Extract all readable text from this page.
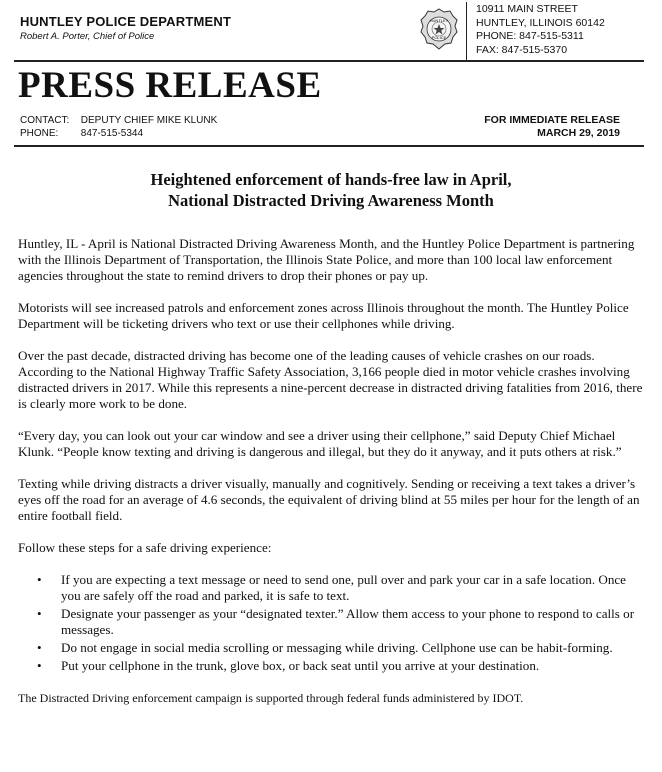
HUNTLEY POLICE DEPARTMENT
Robert A. Porter, Chief of Police
HUNTLEY
POLICE
10911 MAIN STREET
HUNTLEY, ILLINOIS 60142
PHONE: 847-515-5311
FAX: 847-515-5370
PRESS RELEASE
CONTACT: DEPUTY CHIEF MIKE KLUNK
PHONE: 847-515-5344
FOR IMMEDIATE RELEASE
MARCH 29, 2019
Heightened enforcement of hands-free law in April,
National Distracted Driving Awareness Month

Huntley, IL - April is National Distracted Driving Awareness Month, and the Huntley Police Department is partnering with the Illinois Department of Transportation, the Illinois State Police, and more than 100 local law enforcement agencies throughout the state to remind drivers to drop their phones or pay up.

Motorists will see increased patrols and enforcement zones across Illinois throughout the month. The Huntley Police Department will be ticketing drivers who text or use their cellphones while driving.

Over the past decade, distracted driving has become one of the leading causes of vehicle crashes on our roads. According to the National Highway Traffic Safety Association, 3,166 people died in motor vehicle crashes involving distracted drivers in 2017. While this represents a nine-percent decrease in distracted driving fatalities from 2016, there is clearly more work to be done.

“Every day, you can look out your car window and see a driver using their cellphone,” said Deputy Chief Michael Klunk. “People know texting and driving is dangerous and illegal, but they do it anyway, and it puts others at risk.”

Texting while driving distracts a driver visually, manually and cognitively. Sending or receiving a text takes a driver’s eyes off the road for an average of 4.6 seconds, the equivalent of driving blind at 55 miles per hour for the length of an entire football field.

Follow these steps for a safe driving experience:

• If you are expecting a text message or need to send one, pull over and park your car in a safe location. Once you are safely off the road and parked, it is safe to text.
• Designate your passenger as your “designated texter.” Allow them access to your phone to respond to calls or messages.
• Do not engage in social media scrolling or messaging while driving. Cellphone use can be habit-forming.
• Put your cellphone in the trunk, glove box, or back seat until you arrive at your destination.
The Distracted Driving enforcement campaign is supported through federal funds administered by IDOT.
